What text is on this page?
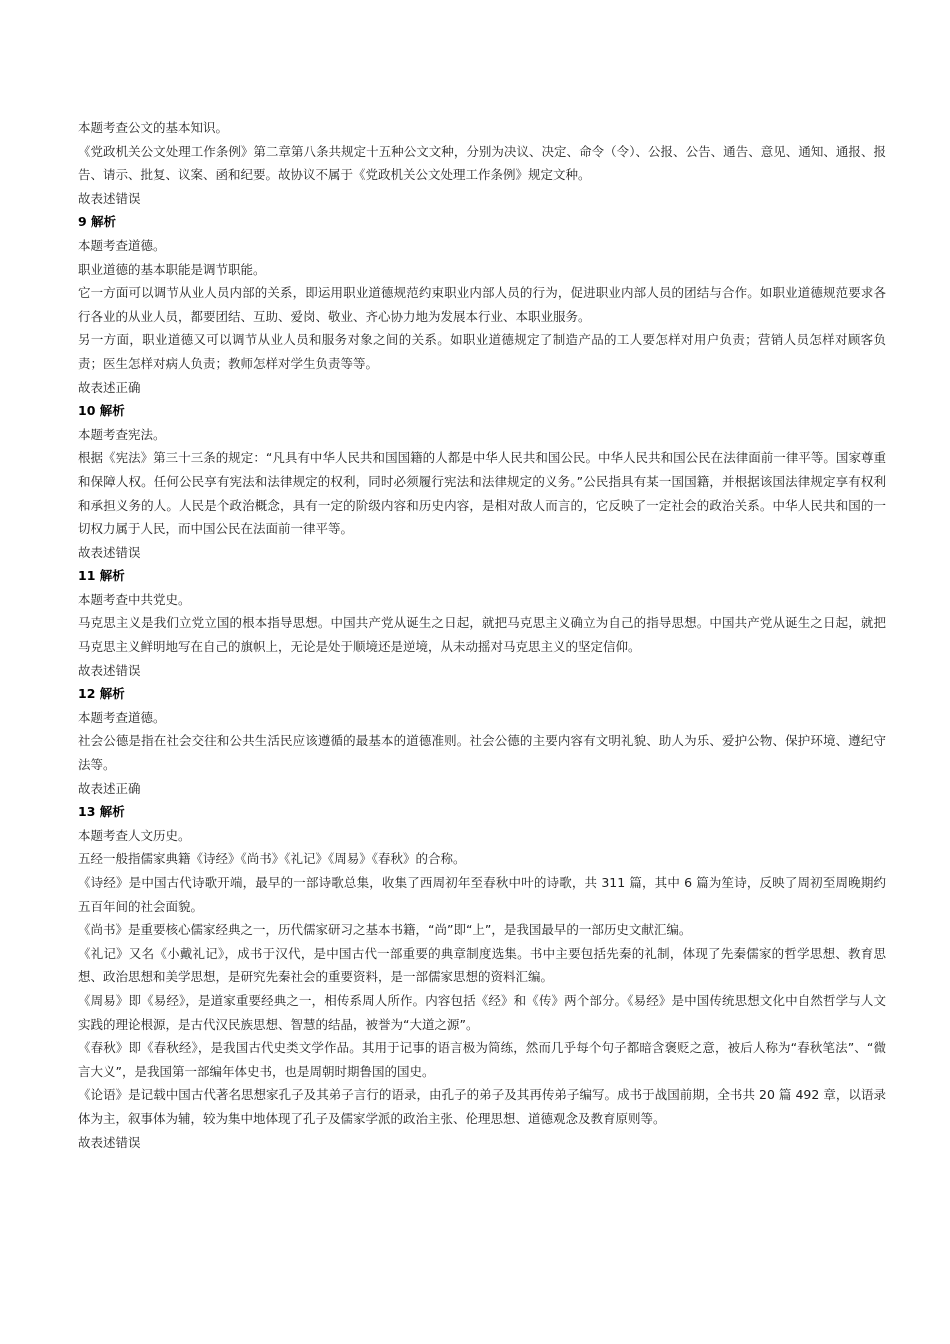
本题考查公文的基本知识。

《党政机关公文处理工作条例》第二章第八条共规定十五种公文文种，分别为决议、决定、命令（令）、公报、公告、通告、意见、通知、通报、报告、请示、批复、议案、函和纪要。故协议不属于《党政机关公文处理工作条例》规定文种。

故表述错误

9 解析

本题考查道德。

职业道德的基本职能是调节职能。

它一方面可以调节从业人员内部的关系，即运用职业道德规范约束职业内部人员的行为，促进职业内部人员的团结与合作。如职业道德规范要求各行各业的从业人员，都要团结、互助、爱岗、敬业、齐心协力地为发展本行业、本职业服务。

另一方面，职业道德又可以调节从业人员和服务对象之间的关系。如职业道德规定了制造产品的工人要怎样对用户负责；营销人员怎样对顾客负责；医生怎样对病人负责；教师怎样对学生负责等等。

故表述正确

10 解析

本题考查宪法。

根据《宪法》第三十三条的规定：“凡具有中华人民共和国国籍的人都是中华人民共和国公民。中华人民共和国公民在法律面前一律平等。国家尊重和保障人权。任何公民享有宪法和法律规定的权利，同时必须履行宪法和法律规定的义务。”公民指具有某一国国籍，并根据该国法律规定享有权利和承担义务的人。人民是个政治概念，具有一定的阶级内容和历史内容，是相对敌人而言的，它反映了一定社会的政治关系。中华人民共和国的一切权力属于人民，而中国公民在法面前一律平等。

故表述错误

11 解析

本题考查中共党史。

马克思主义是我们立党立国的根本指导思想。中国共产党从诞生之日起，就把马克思主义确立为自己的指导思想。中国共产党从诞生之日起，就把马克思主义鲜明地写在自己的旗帜上，无论是处于顺境还是逆境，从未动摇对马克思主义的坚定信仰。

故表述错误

12 解析

本题考查道德。

社会公德是指在社会交往和公共生活民应该遵循的最基本的道德准则。社会公德的主要内容有文明礼貌、助人为乐、爱护公物、保护环境、遵纪守法等。

故表述正确

13 解析

本题考查人文历史。

五经一般指儒家典籍《诗经》《尚书》《礼记》《周易》《春秋》的合称。

《诗经》是中国古代诗歌开端，最早的一部诗歌总集，收集了西周初年至春秋中叶的诗歌，共 311 篇，其中 6 篇为笙诗，反映了周初至周晚期约五百年间的社会面貌。

《尚书》是重要核心儒家经典之一，历代儒家研习之基本书籍，“尚”即“上”，是我国最早的一部历史文献汇编。

《礼记》又名《小戴礼记》，成书于汉代，是中国古代一部重要的典章制度选集。书中主要包括先秦的礼制，体现了先秦儒家的哲学思想、教育思想、政治思想和美学思想，是研究先秦社会的重要资料，是一部儒家思想的资料汇编。

《周易》即《易经》，是道家重要经典之一，相传系周人所作。内容包括《经》和《传》两个部分。《易经》是中国传统思想文化中自然哲学与人文实践的理论根源，是古代汉民族思想、智慧的结晶，被誉为“大道之源”。

《春秋》即《春秋经》，是我国古代史类文学作品。其用于记事的语言极为简练，然而几乎每个句子都暗含褒贬之意，被后人称为“春秋笔法”、“微言大义”，是我国第一部编年体史书，也是周朝时期鲁国的国史。

《论语》是记载中国古代著名思想家孔子及其弟子言行的语录，由孔子的弟子及其再传弟子编写。成书于战国前期，全书共 20 篇 492 章，以语录体为主，叙事体为辅，较为集中地体现了孔子及儒家学派的政治主张、伦理思想、道德观念及教育原则等。

故表述错误
